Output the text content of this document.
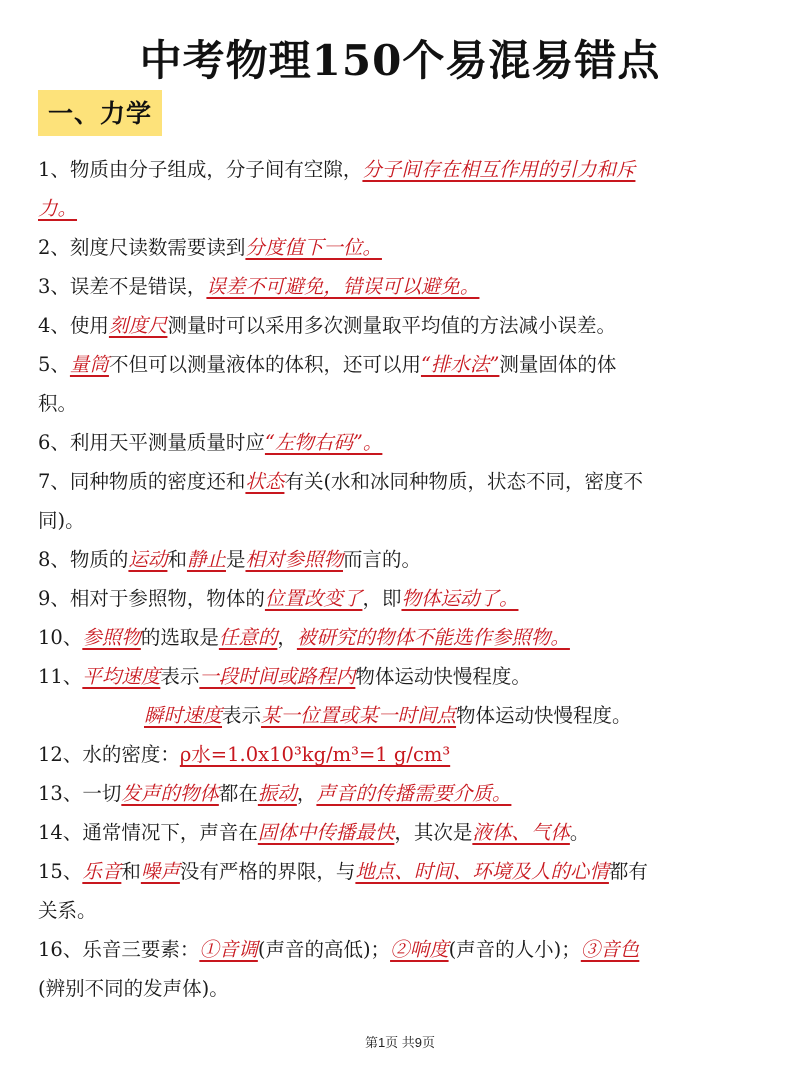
中考物理150个易混易错点
一、力学
1、物质由分子组成，分子间有空隙，分子间存在相互作用的引力和斥
力。
2、刻度尺读数需要读到分度值下一位。
3、误差不是错误，误差不可避免，错误可以避免。
4、使用刻度尺测量时可以采用多次测量取平均值的方法减小误差。
5、量筒不但可以测量液体的体积，还可以用“排水法”测量固体的体
积。
6、利用天平测量质量时应“左物右码”。
7、同种物质的密度还和状态有关(水和冰同种物质，状态不同，密度不
同)。
8、物质的运动和静止是相对参照物而言的。
9、相对于参照物，物体的位置改变了，即物体运动了。
10、参照物的选取是任意的，被研究的物体不能选作参照物。
11、平均速度表示一段时间或路程内物体运动快慢程度。
瞬时速度表示某一位置或某一时间点物体运动快慢程度。
12、水的密度：ρ水=1.0x10³kg/m³=1 g/cm³
13、一切发声的物体都在振动，声音的传播需要介质。
14、通常情况下，声音在固体中传播最快，其次是液体、气体。
15、乐音和噪声没有严格的界限，与地点、时间、环境及人的心情都有
关系。
16、乐音三要素：①音调(声音的高低)；②响度(声音的人小)；③音色
(辨别不同的发声体)。
第1页 共9页
